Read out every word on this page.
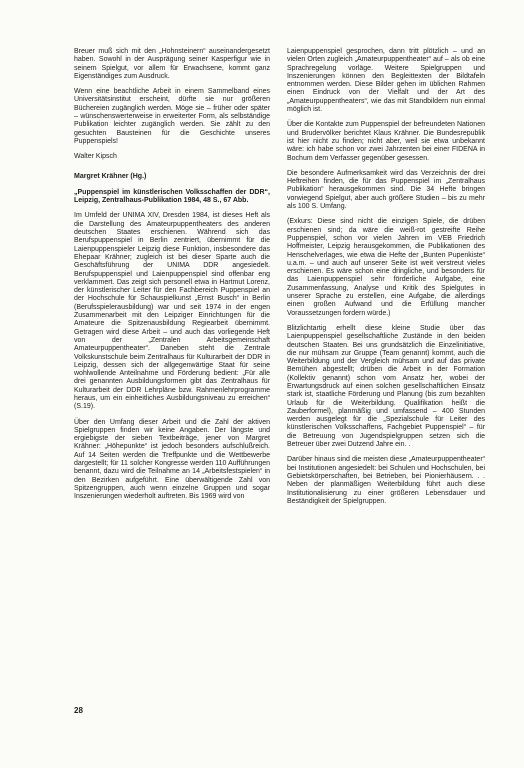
Breuer muß sich mit den „Hohnsteinern“ auseinandergesetzt haben. Sowohl in der Ausprägung seiner Kasperfigur wie in seinem Spielgut, vor allem für Erwachsene, kommt ganz Eigenständiges zum Ausdruck.

Wenn eine beachtliche Arbeit in einem Sammelband eines Universitätsinstitut erscheint, dürfte sie nur größeren Büchereien zugänglich werden. Möge sie – früher oder später – wünschenswerterweise in erweiterter Form, als selbständige Publikation leichter zugänglich werden. Sie zählt zu den gesuchten Bausteinen für die Geschichte unseres Puppenspiels!

Walter Kipsch

Margret Krähner (Hg.)

„Puppenspiel im künstlerischen Volksschaffen der DDR“, Leipzig, Zentralhaus-Publikation 1984, 48 S., 67 Abb.

Im Umfeld der UNIMA XIV, Dresden 1984, ist dieses Heft als die Darstellung des Amateurpuppentheaters des anderen deutschen Staates erschienen. Während sich das Berufspuppenspiel in Berlin zentriert, übernimmt für die Laienpuppenspieler Leipzig diese Funktion, insbesondere das Ehepaar Krähner; zugleich ist bei dieser Sparte auch die Geschäftsführung der UNIMA DDR angesiedelt. Berufspuppenspiel und Laienpuppenspiel sind offenbar eng verklammert. Das zeigt sich personell etwa in Hartmut Lorenz, der künstlerischer Leiter für den Fachbereich Puppenspiel an der Hochschule für Schauspielkunst „Ernst Busch“ in Berlin (Berufsspielerausbildung) war und seit 1974 in der engen Zusammenarbeit mit den Leipziger Einrichtungen für die Amateure die Spitzenausbildung Regiearbeit übernimmt. Getragen wird diese Arbeit – und auch das vorliegende Heft von der „Zentralen Arbeitsgemeinschaft Amateurpuppentheater“. Daneben steht die Zentrale Volkskunstschule beim Zentralhaus für Kulturarbeit der DDR in Leipzig, dessen sich der allgegenwärtige Staat für seine wohlwollende Anteilnahme und Förderung bedient: „Für alle drei genannten Ausbildungsformen gibt das Zentralhaus für Kulturarbeit der DDR Lehrpläne bzw. Rahmenlehrprogramme heraus, um ein einheitliches Ausbildungsniveau zu erreichen“ (S.19).

Über den Umfang dieser Arbeit und die Zahl der aktiven Spielgruppen finden wir keine Angaben. Der längste und ergiebigste der sieben Textbeiträge, jener von Margret Krähner: „Höhepunkte“ ist jedoch besonders aufschlußreich. Auf 14 Seiten werden die Treffpunkte und die Wettbewerbe dargestellt; für 11 solcher Kongresse werden 110 Aufführungen benannt, dazu wird die Teilnahme an 14 „Arbeitsfestspielen“ in den Bezirken aufgeführt. Eine überwältigende Zahl von Spitzengruppen, auch wenn einzelne Gruppen und sogar Inszenierungen wiederholt auftreten. Bis 1969 wird von

Laienpuppenspiel gesprochen, dann tritt plötzlich – und an vielen Orten zugleich „Amateurpuppentheater“ auf – als ob eine Sprachregelung vorläge. Weitere Spielgruppen und Inszenierungen können den Begleittexten der Bildtafeln entnommen werden. Diese Bilder gehen im üblichen Rahmen einen Eindruck von der Vielfalt und der Art des „Amateurpuppentheaters“, wie das mit Standbildern nun einmal möglich ist.

Über die Kontakte zum Puppenspiel der befreundeten Nationen und Brudervölker berichtet Klaus Krähner. Die Bundesrepublik ist hier nicht zu finden; nicht aber, weil sie etwa unbekannt wäre: ich habe schon vor zwei Jahrzenten bei einer FIDENA in Bochum dem Verfasser gegenüber gesessen.

Die besondere Aufmerksamkeit wird das Verzeichnis der drei Heftreihen finden, die für das Puppenspiel im „Zentralhaus Publikation“ herausgekommen sind. Die 34 Hefte bringen vorwiegend Spielgut, aber auch größere Studien – bis zu mehr als 100 S. Umfang.

(Exkurs: Diese sind nicht die einzigen Spiele, die drüben erschienen sind; da wäre die weiß-rot gestreifte Reihe Puppenspiel, schon vor vielen Jahren im VEB Friedrich Hoffmeister, Leipzig herausgekommen, die Publikationen des Henschelverlages, wie etwa die Hefte der „Bunten Pupenkiste“ u.a.m. – und auch auf unserer Seite ist weit verstreut vieles erschienen. Es wäre schon eine dringliche, und besonders für das Laienpuppenspiel sehr förderliche Aufgabe, eine Zusammenfassung, Analyse und Kritik des Spielgutes in unserer Sprache zu erstellen, eine Aufgabe, die allerdings einen großen Aufwand und die Erfüllung mancher Voraussetzungen fordern würde.)

Blitzlichtartig erhellt diese kleine Studie über das Laienpuppenspiel gesellschaftliche Zustände in den beiden deutschen Staaten. Bei uns grundsätzlich die Einzelinitiative, die nur mühsam zur Gruppe (Team genannt) kommt, auch die Weiterbildung und der Vergleich mühsam und auf das private Bemühen abgestellt; drüben die Arbeit in der Formation (Kollektiv genannt) schon vom Ansatz her, wobei der Erwartungsdruck auf einen solchen gesellschaftlichen Einsatz stark ist, staatliche Förderung und Planung (bis zum bezahlten Urlaub für die Weiterbildung. Qualifikation heißt die Zauberformel), planmäßig und umfassend – 400 Stunden werden ausgelegt für die „Spezialschule für Leiter des künstlerischen Volksschaffens, Fachgebiet Puppenspiel“ – für die Betreuung von Jugendspielgruppen setzen sich die Betreuer über zwei Dutzend Jahre ein. .

Darüber hinaus sind die meisten diese „Amateurpuppentheater“ bei Institutionen angesiedelt: bei Schulen und Hochschulen, bei Gebietskörperschaften, bei Betrieben, bei Pionierhäusern. . . Neben der planmäßigen Weiterbildung führt auch diese Institutionalisierung zu einer größeren Lebensdauer und Beständigkeit der Spielgruppen.

28
